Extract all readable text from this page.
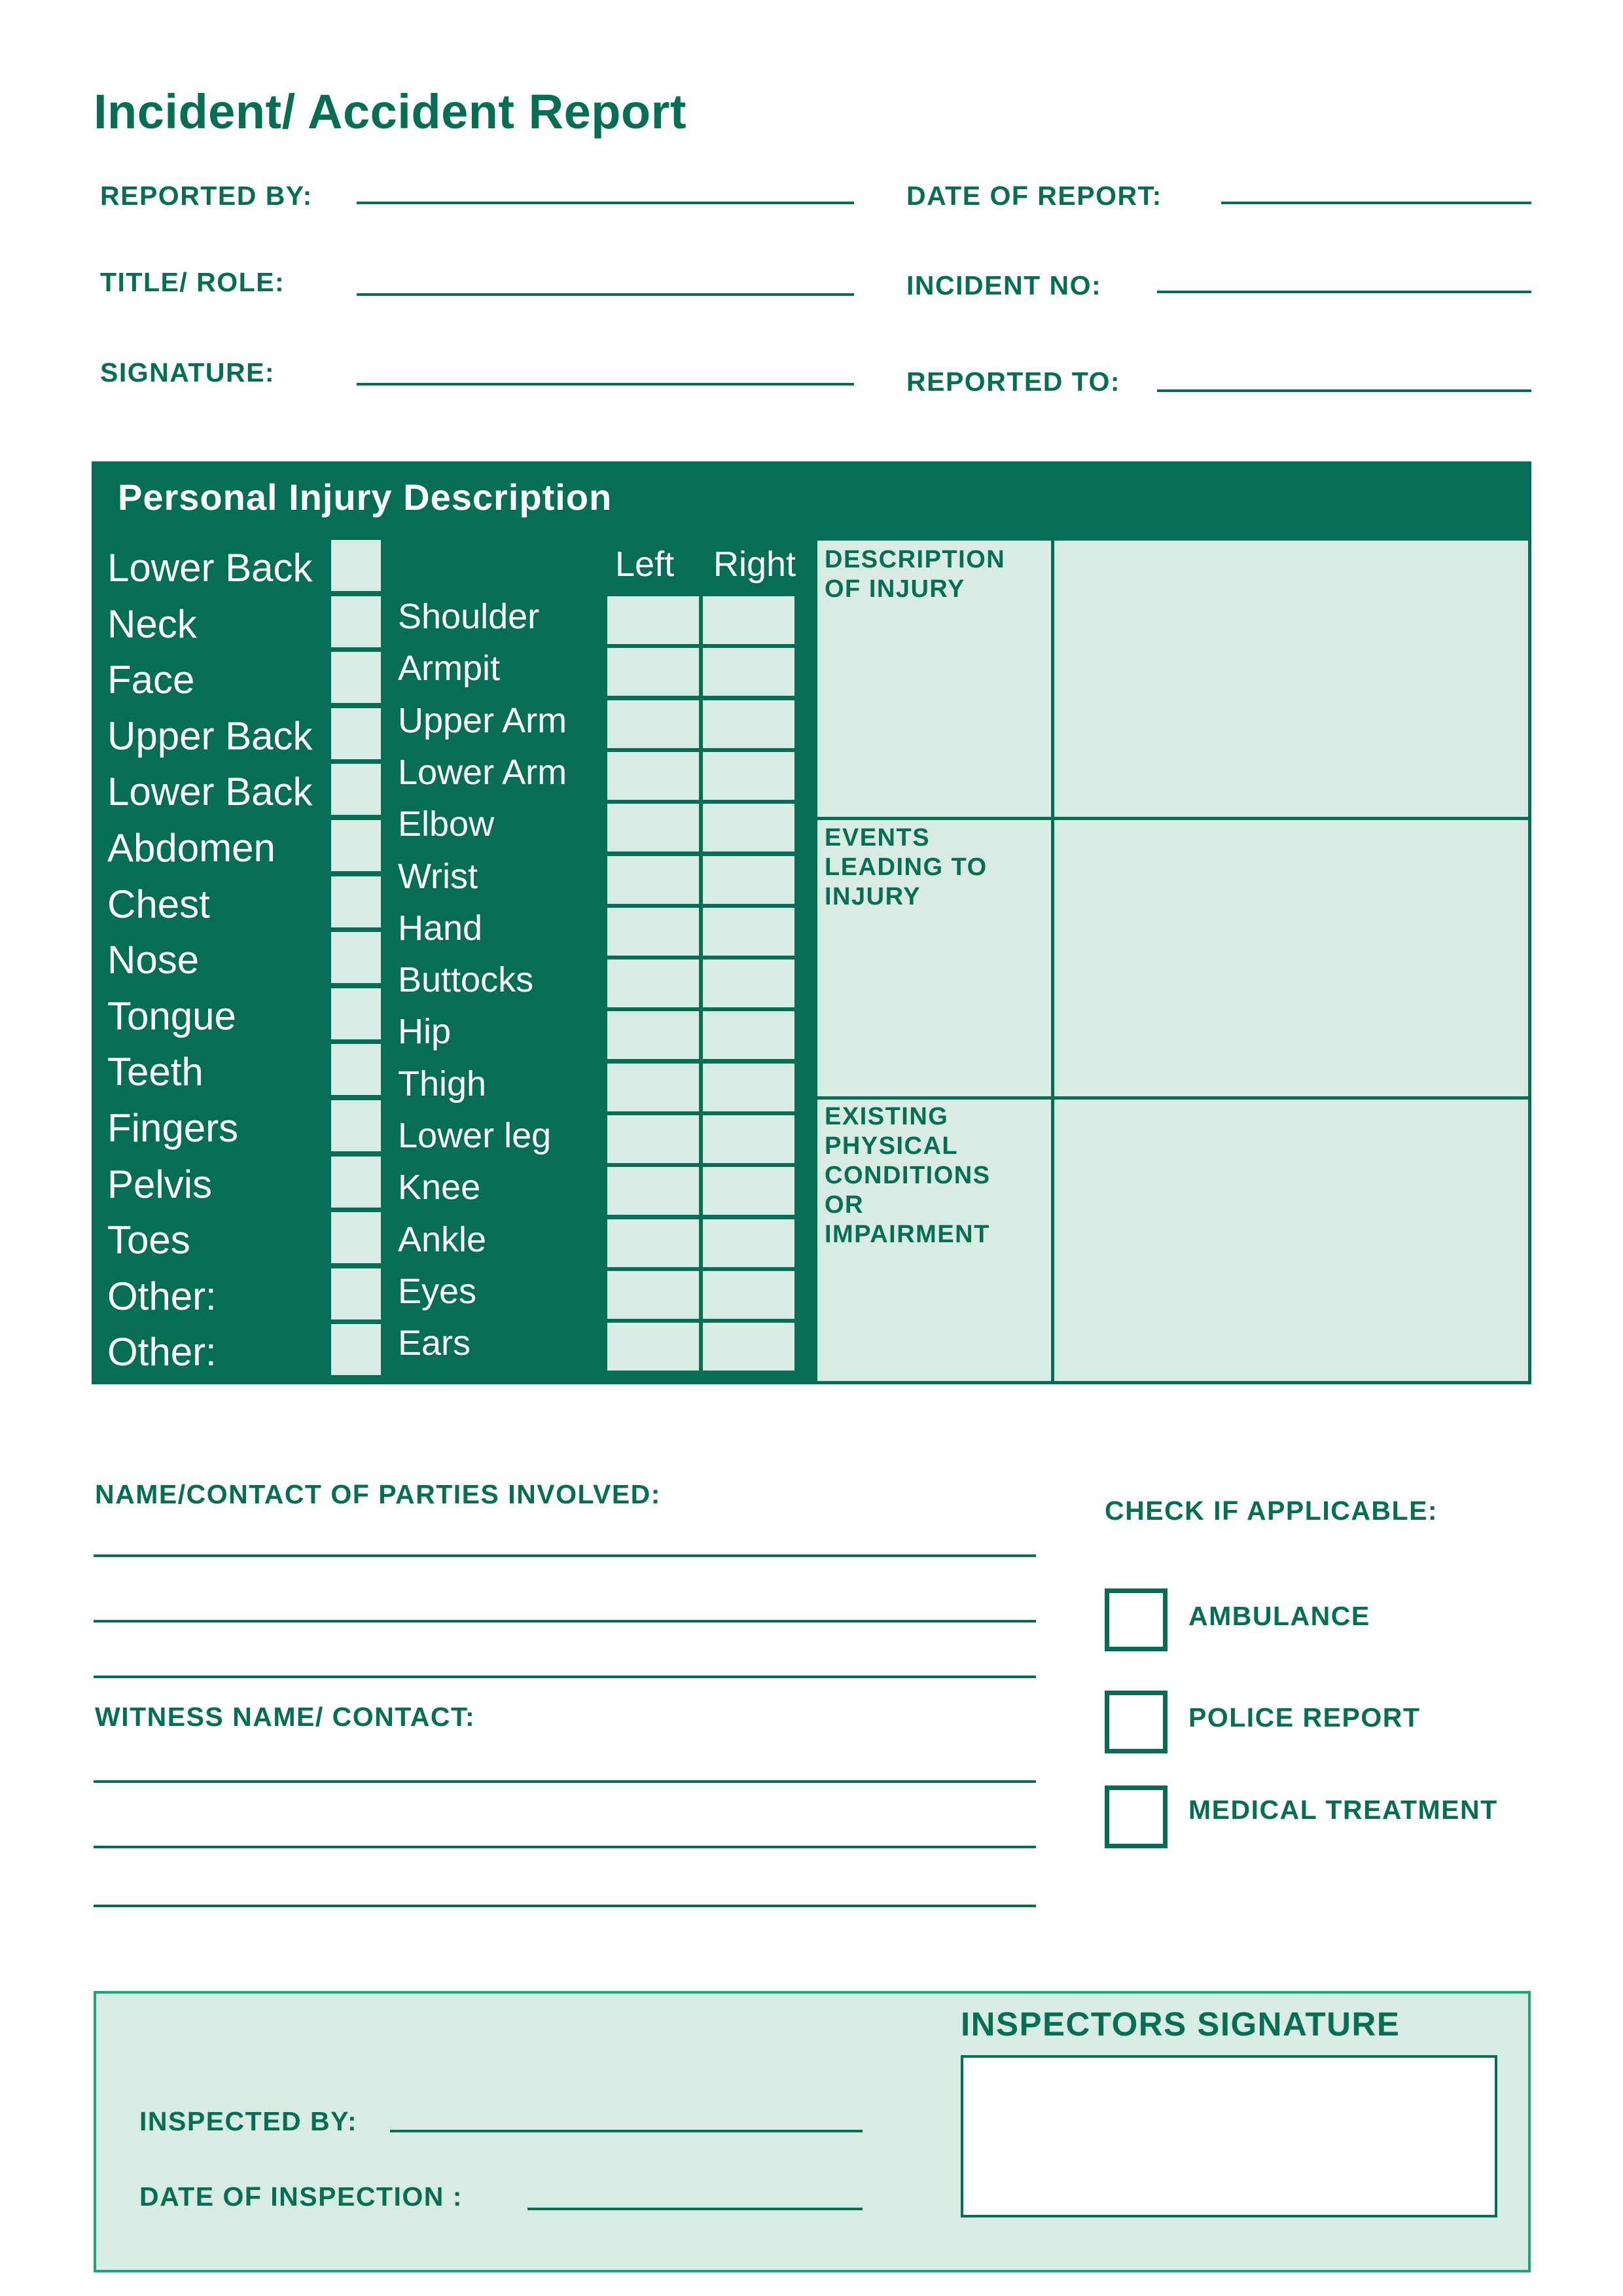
Incident/ Accident Report
REPORTED BY:
TITLE/ ROLE:
SIGNATURE:
DATE OF REPORT:
INCIDENT NO:
REPORTED TO:
Personal Injury Description
Lower Back
Neck
Face
Upper Back
Lower Back
Abdomen
Chest
Nose
Tongue
Teeth
Fingers
Pelvis
Toes
Other:
Other:
Left Right
Shoulder
Armpit
Upper Arm
Lower Arm
Elbow
Wrist
Hand
Buttocks
Hip
Thigh
Lower leg
Knee
Ankle
Eyes
Ears
DESCRIPTION
OF INJURY
EVENTS
LEADING TO
INJURY
EXISTING
PHYSICAL
CONDITIONS
OR
IMPAIRMENT
NAME/CONTACT OF PARTIES INVOLVED:
WITNESS NAME/ CONTACT:
CHECK IF APPLICABLE:
AMBULANCE
POLICE REPORT
MEDICAL TREATMENT
INSPECTORS SIGNATURE
INSPECTED BY:
DATE OF INSPECTION :
